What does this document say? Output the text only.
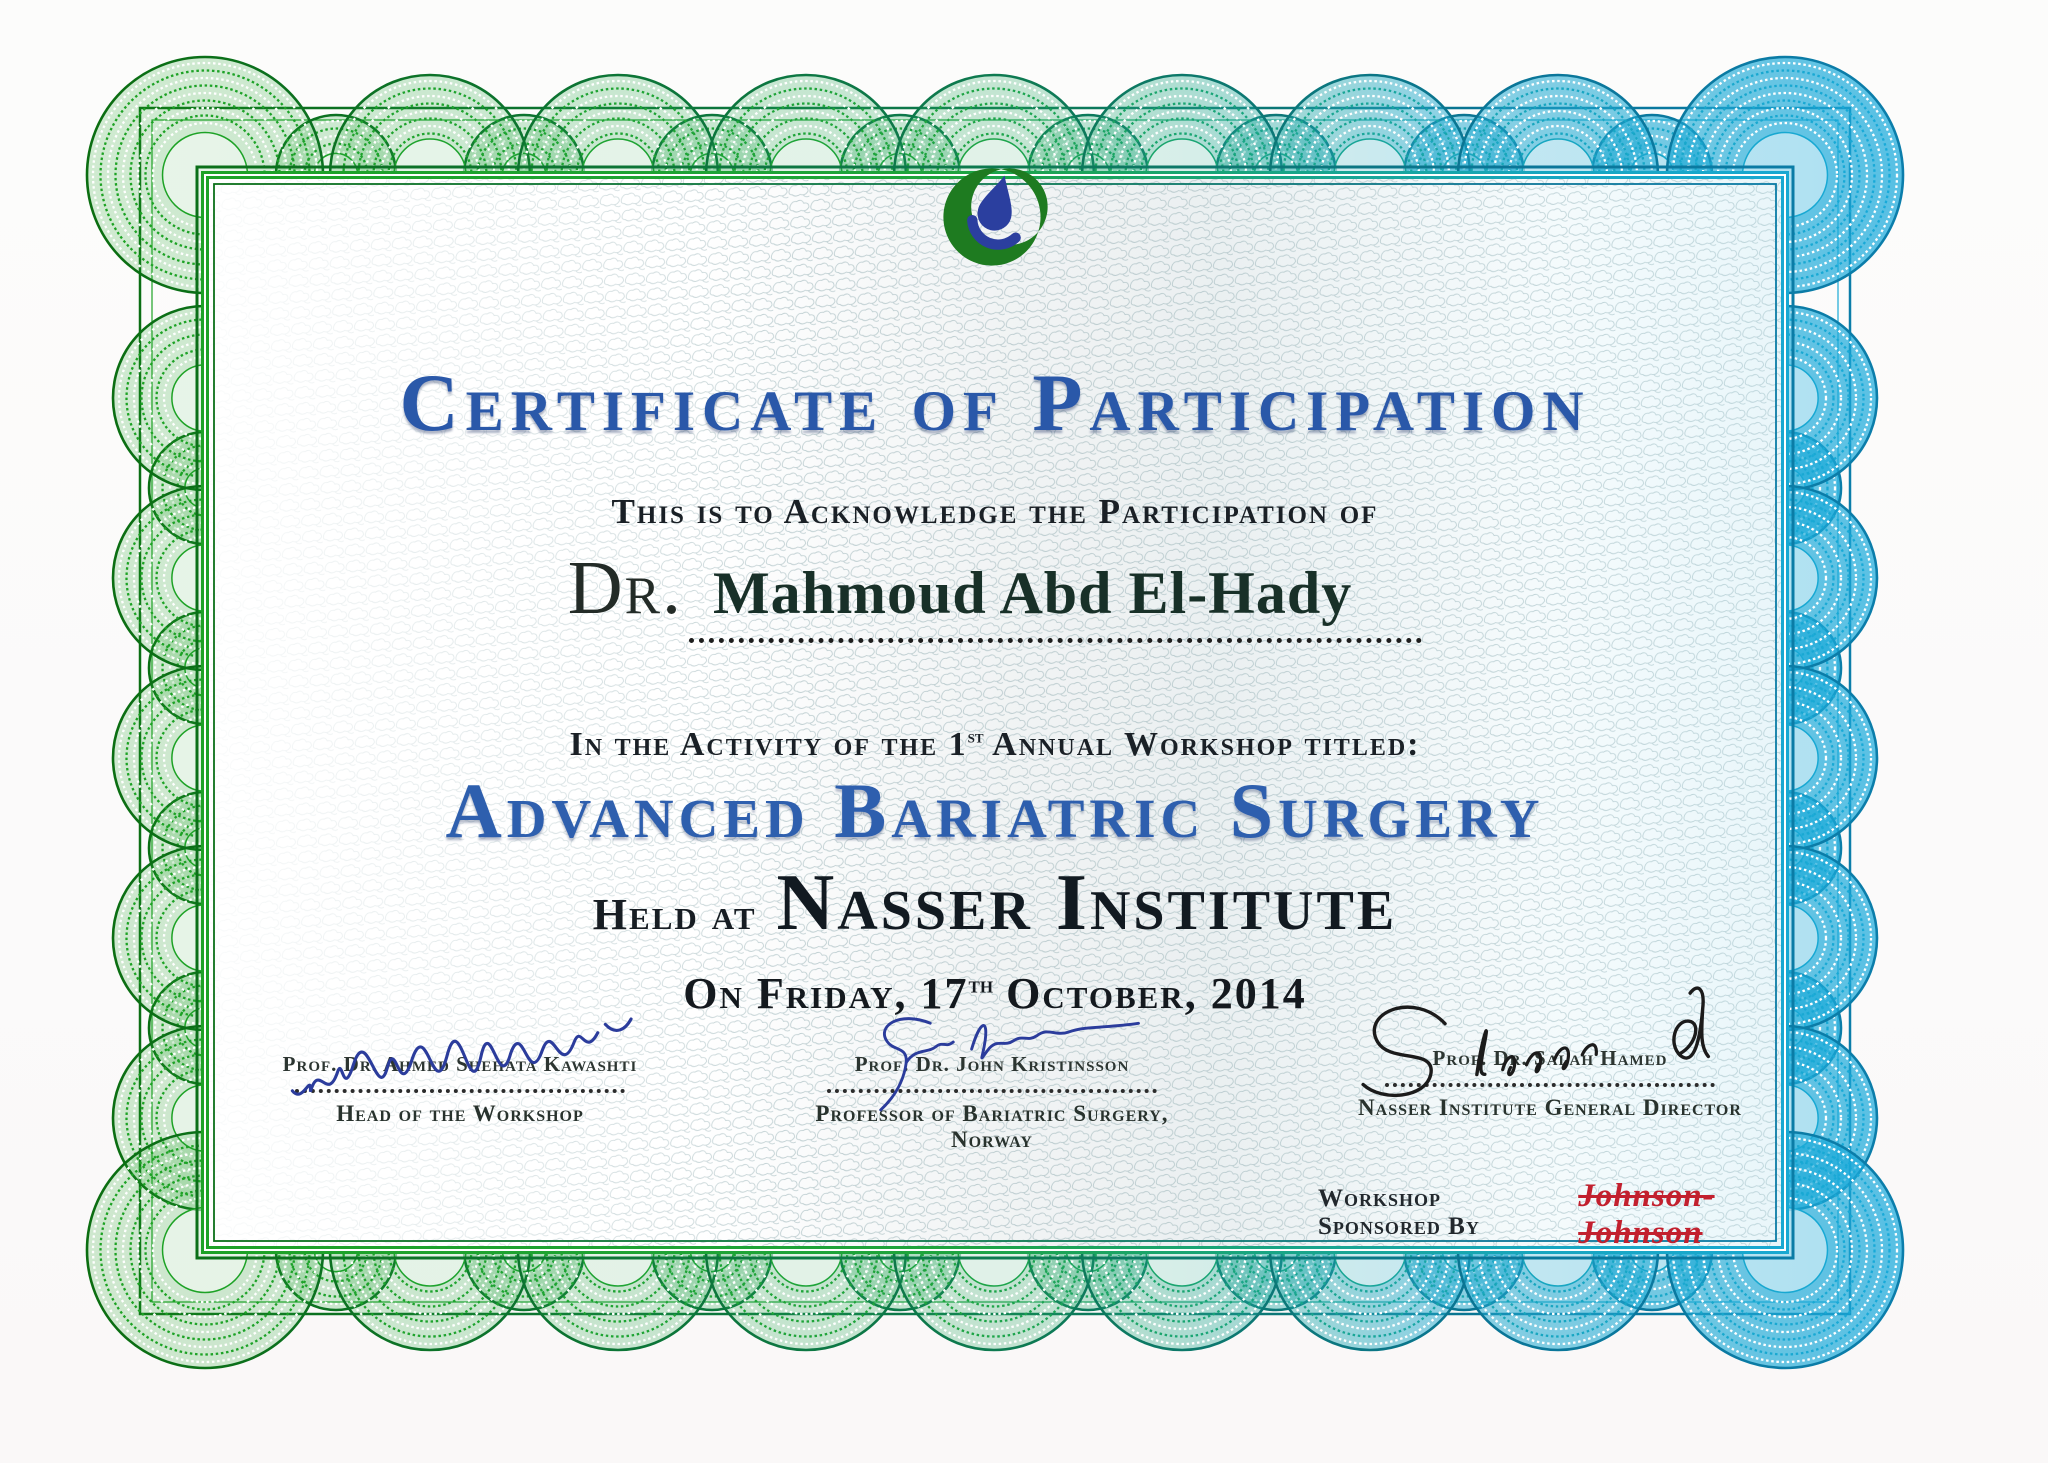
Certificate of Participation
This is to Acknowledge the Participation of
Dr. Mahmoud Abd El-Hady
In the Activity of the 1st Annual Workshop titled:
Advanced Bariatric Surgery
Held at Nasser Institute
On Friday, 17th October, 2014
Prof. Dr. Ahmed Shehata Kawashti
Head of the Workshop
Prof. Dr. John Kristinsson
Professor of Bariatric Surgery, Norway
Prof. Dr. Salah Hamed
Nasser Institute General Director
Workshop Sponsored By
Johnson-Johnson
